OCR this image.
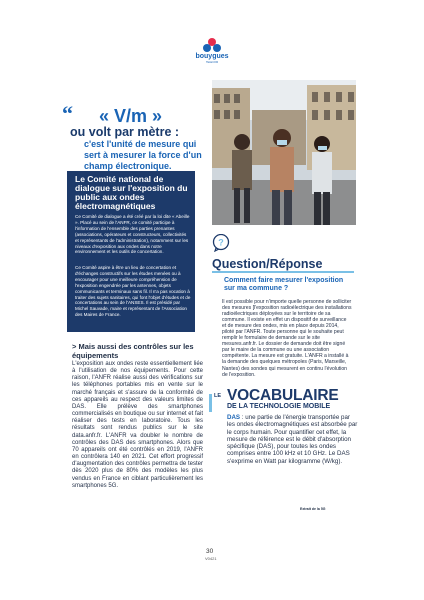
bouygues
TELECOM
“ « V/m »
ou volt par mètre :
c'est l'unité de mesure qui sert à mesurer la force d'un champ électronique.
Le Comité national de dialogue sur l'exposition du public aux ondes électromagnétiques
Ce Comité de dialogue a été créé par la loi dite « Abeille ». Placé au sein de l'ANFR, ce comité participe à l'information de l'ensemble des parties prenantes (associations, opérateurs et constructeurs, collectivités et représentants de l'administration), notamment sur les niveaux d'exposition aux ondes dans notre environnement et les outils de concertation.
Ce Comité aspire à être un lieu de concertation et d'échanges constructifs sur les études menées ou à encourager pour une meilleure compréhension de l'exposition engendrée par les antennes, objets communicants et terminaux sans fil. Il n'a pas vocation à traiter des sujets sanitaires, qui font l'objet d'études et de concertations au sein de l'ANSES. Il est présidé par Michel Sauvade, maire et représentant de l'Association des Maires de France.
> Mais aussi des contrôles sur les équipements
L'exposition aux ondes reste essentiellement liée à l'utilisation de nos équipements. Pour cette raison, l'ANFR réalise aussi des vérifications sur les téléphones portables mis en vente sur le marché français et s'assure de la conformité de ces appareils au respect des valeurs limites de DAS. Elle prélève des smartphones commercialisés en boutique ou sur internet et fait réaliser des tests en laboratoire. Tous les résultats sont rendus publics sur le site data.anfr.fr. L'ANFR va doubler le nombre de contrôles des DAS des smartphones. Alors que 70 appareils ont été contrôlés en 2019, l'ANFR en contrôlera 140 en 2021. Cet effort progressif d'augmentation des contrôles permettra de tester dès 2020 plus de 80% des modèles les plus vendus en France en ciblant particulièrement les smartphones 5G.
?
Question/Réponse
Comment faire mesurer l'exposition sur ma commune ?
Il est possible pour n'importe quelle personne de solliciter des mesures [l'exposition radioélectrique des installations radioélectriques déployées sur le territoire de sa commune. Il existe en effet un dispositif de surveillance et de mesure des ondes, mis en place depuis 2014, piloté par l'ANFR. Toute personne qui le souhaite peut remplir le formulaire de demande sur le site mesures.anfr.fr. Le dossier de demande doit être signé par le maire de la commune ou une association compétente. La mesure est gratuite. L'ANFR a installé à la demande des quelques métropoles (Paris, Marseille, Nantes) des sondes qui mesurent en continu l'évolution de l'exposition.
LE VOCABULAIRE
DE LA TECHNOLOGIE MOBILE
DAS : une partie de l'énergie transportée par les ondes électromagnétiques est absorbée par le corps humain. Pour quantifier cet effet, la mesure de référence est le débit d'absorption spécifique (DAS), pour toutes les ondes comprises entre 100 kHz et 10 GHz. Le DAS s'exprime en Watt par kilogramme (W/kg).
Extrait de la 5G
30
V0421
